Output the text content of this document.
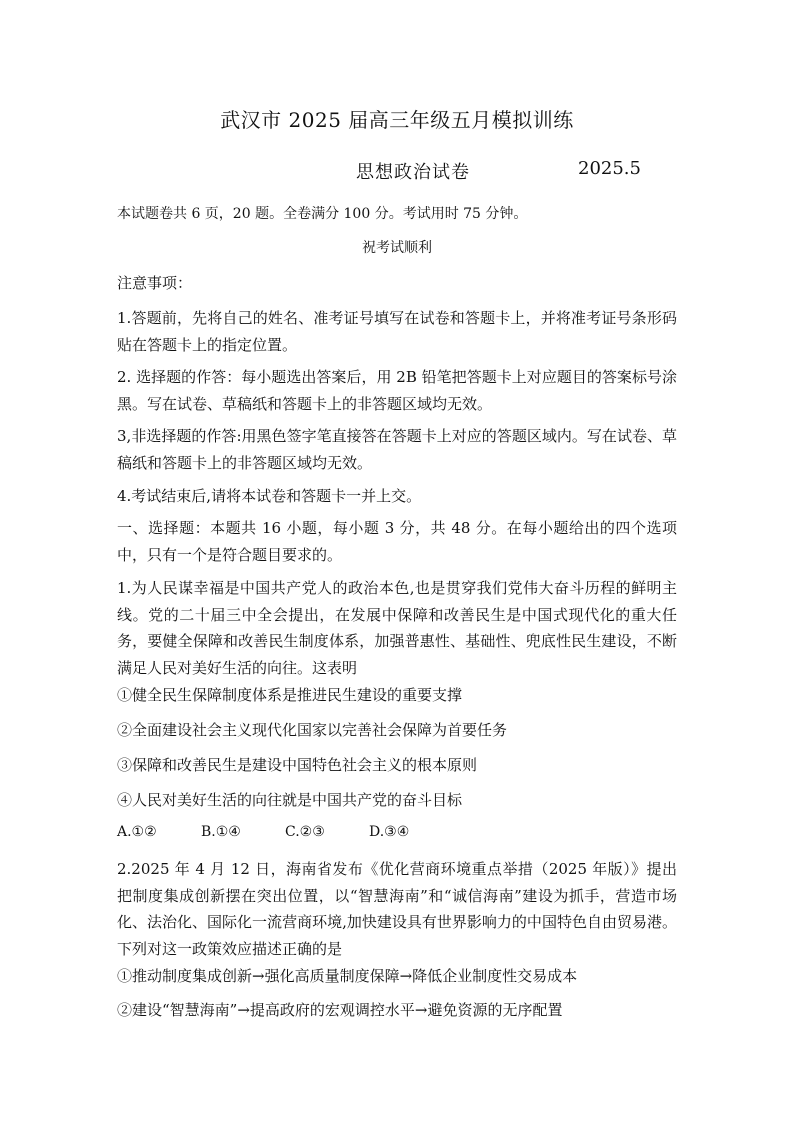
武汉市 2025 届高三年级五月模拟训练
思想政治试卷	2025.5
本试题卷共 6 页，20 题。全卷满分 100 分。考试用时 75 分钟。
祝考试顺利
注意事项：
1.答题前，先将自己的姓名、准考证号填写在试卷和答题卡上，并将准考证号条形码贴在答题卡上的指定位置。
2. 选择题的作答：每小题选出答案后，用 2B 铅笔把答题卡上对应题目的答案标号涂黑。写在试卷、草稿纸和答题卡上的非答题区域均无效。
3,非选择题的作答:用黑色签字笔直接答在答题卡上对应的答题区域内。写在试卷、草稿纸和答题卡上的非答题区域均无效。
4.考试结束后,请将本试卷和答题卡一并上交。
一、选择题：本题共 16 小题，每小题 3 分，共 48 分。在每小题给出的四个选项中，只有一个是符合题目要求的。
1.为人民谋幸福是中国共产党人的政治本色,也是贯穿我们党伟大奋斗历程的鲜明主线。党的二十届三中全会提出，在发展中保障和改善民生是中国式现代化的重大任务，要健全保障和改善民生制度体系，加强普惠性、基础性、兜底性民生建设，不断满足人民对美好生活的向往。这表明
①健全民生保障制度体系是推进民生建设的重要支撑
②全面建设社会主义现代化国家以完善社会保障为首要任务
③保障和改善民生是建设中国特色社会主义的根本原则
④人民对美好生活的向往就是中国共产党的奋斗目标
A.①②	B.①④	C.②③	D.③④
2.2025 年 4 月 12 日，海南省发布《优化营商环境重点举措（2025 年版）》提出把制度集成创新摆在突出位置，以“智慧海南”和“诚信海南”建设为抓手，营造市场化、法治化、国际化一流营商环境,加快建设具有世界影响力的中国特色自由贸易港。下列对这一政策效应描述正确的是
①推动制度集成创新→强化高质量制度保障→降低企业制度性交易成本
②建设“智慧海南”→提高政府的宏观调控水平→避免资源的无序配置
